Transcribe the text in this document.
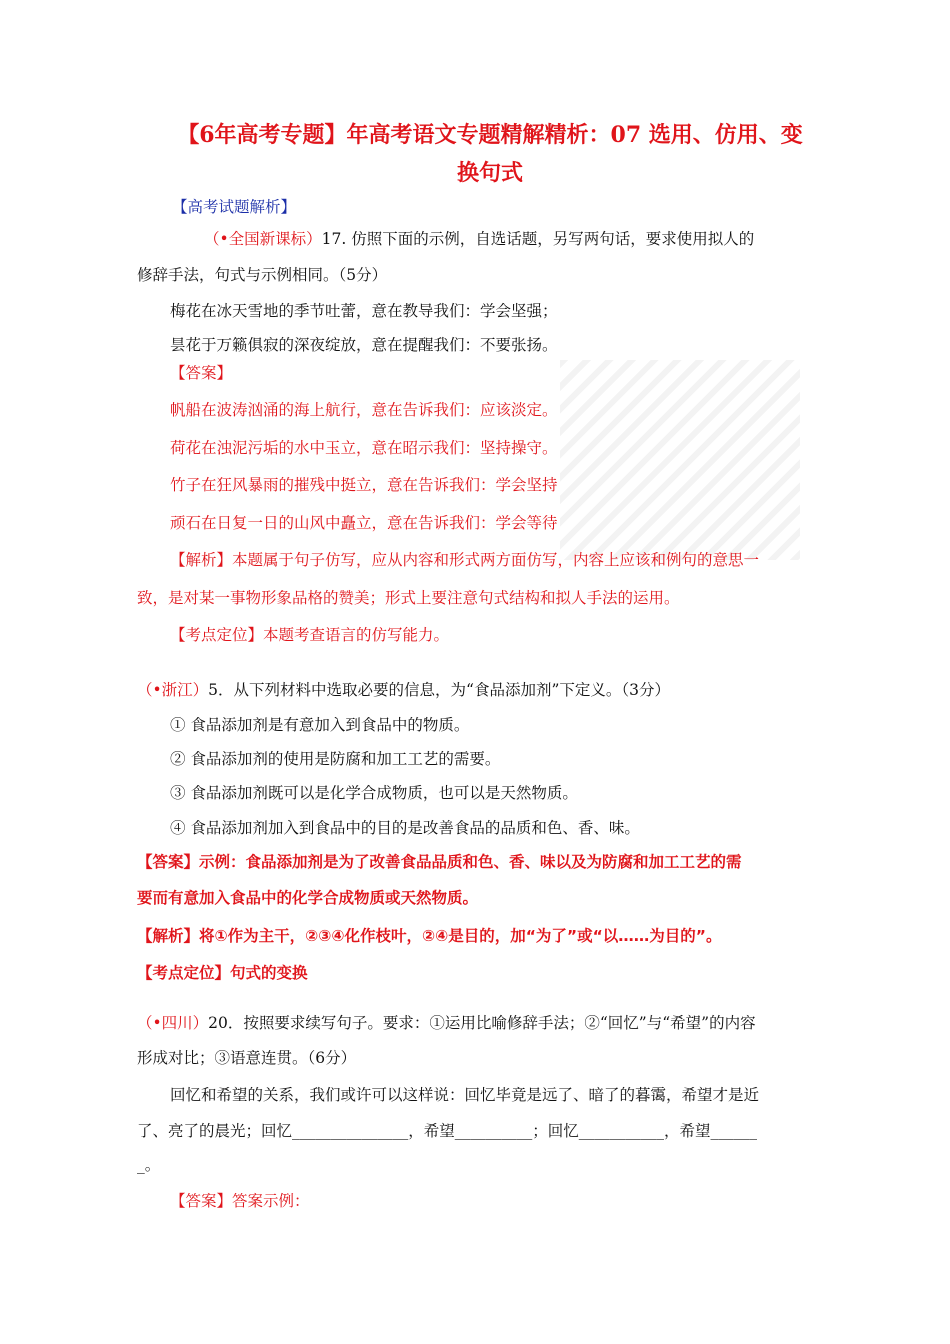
【6年高考专题】年高考语文专题精解精析：07 选用、仿用、变
换句式
【高考试题解析】
（•全国新课标）17. 仿照下面的示例，自选话题，另写两句话，要求使用拟人的
修辞手法，句式与示例相同。（5分）
梅花在冰天雪地的季节吐蕾，意在教导我们：学会坚强；
昙花于万籁俱寂的深夜绽放，意在提醒我们：不要张扬。
【答案】
帆船在波涛汹涌的海上航行，意在告诉我们：应该淡定。
荷花在浊泥污垢的水中玉立，意在昭示我们：坚持操守。
竹子在狂风暴雨的摧残中挺立，意在告诉我们：学会坚持
顽石在日复一日的山风中矗立，意在告诉我们：学会等待
【解析】本题属于句子仿写，应从内容和形式两方面仿写，内容上应该和例句的意思一
致，是对某一事物形象品格的赞美；形式上要注意句式结构和拟人手法的运用。
【考点定位】本题考查语言的仿写能力。
（•浙江）5．从下列材料中选取必要的信息，为“食品添加剂”下定义。（3分）
① 食品添加剂是有意加入到食品中的物质。
② 食品添加剂的使用是防腐和加工工艺的需要。
③ 食品添加剂既可以是化学合成物质，也可以是天然物质。
④ 食品添加剂加入到食品中的目的是改善食品的品质和色、香、味。
【答案】示例：食品添加剂是为了改善食品品质和色、香、味以及为防腐和加工工艺的需
要而有意加入食品中的化学合成物质或天然物质。
【解析】将①作为主干，②③④化作枝叶，②④是目的，加“为了”或“以……为目的”。
【考点定位】句式的变换
（•四川）20．按照要求续写句子。要求：①运用比喻修辞手法；②“回忆”与“希望”的内容
形成对比；③语意连贯。（6分）
回忆和希望的关系，我们或许可以这样说：回忆毕竟是远了、暗了的暮霭，希望才是近
了、亮了的晨光；回忆_______________，希望__________；回忆___________，希望______
_。
【答案】答案示例：
